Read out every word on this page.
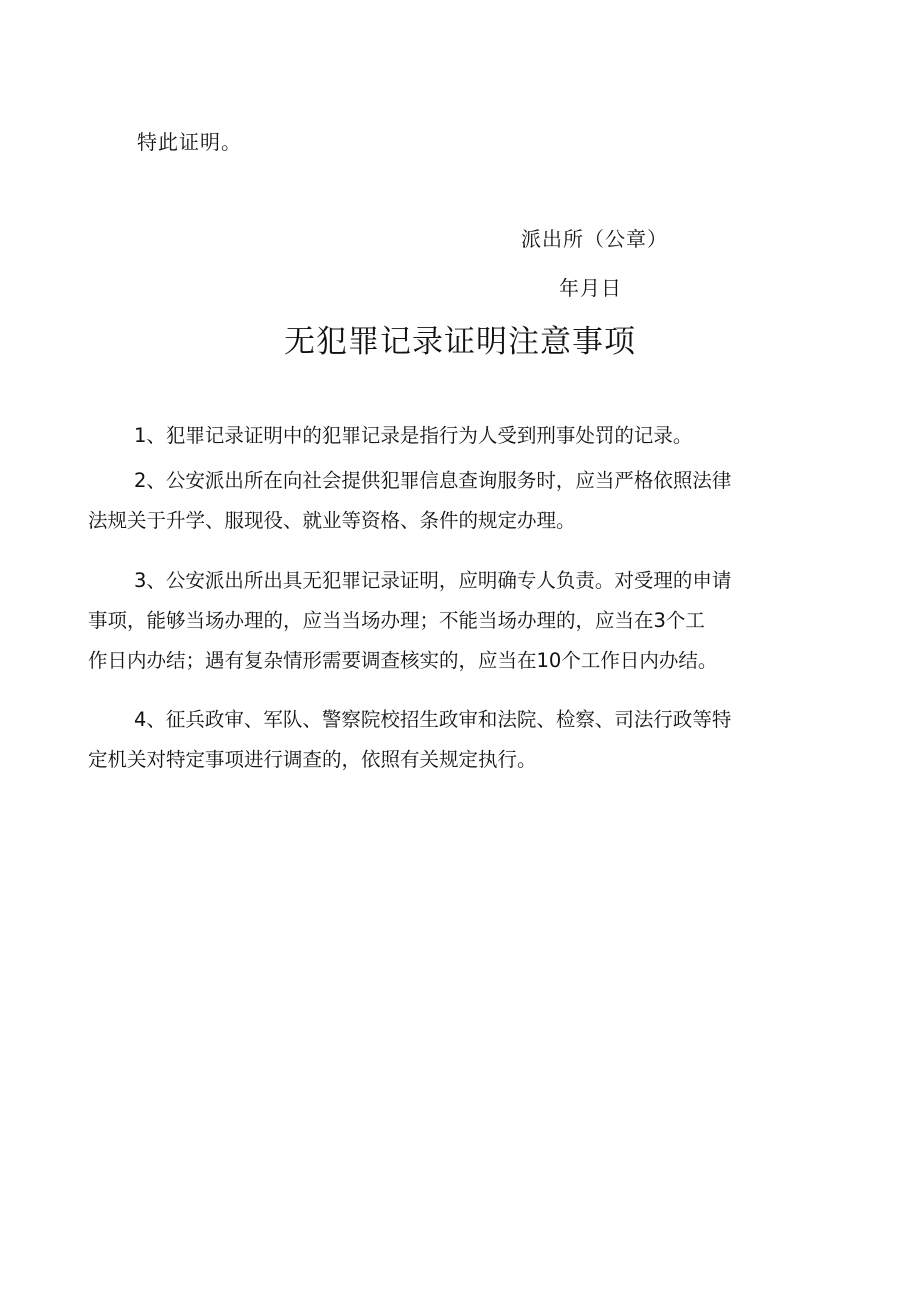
特此证明。
派出所（公章）
年月日
无犯罪记录证明注意事项
1、犯罪记录证明中的犯罪记录是指行为人受到刑事处罚的记录。
2、公安派出所在向社会提供犯罪信息查询服务时，应当严格依照法律
法规关于升学、服现役、就业等资格、条件的规定办理。
3、公安派出所出具无犯罪记录证明，应明确专人负责。对受理的申请
事项，能够当场办理的，应当当场办理；不能当场办理的，应当在3个工
作日内办结；遇有复杂情形需要调查核实的，应当在10个工作日内办结。
4、征兵政审、军队、警察院校招生政审和法院、检察、司法行政等特
定机关对特定事项进行调查的，依照有关规定执行。
